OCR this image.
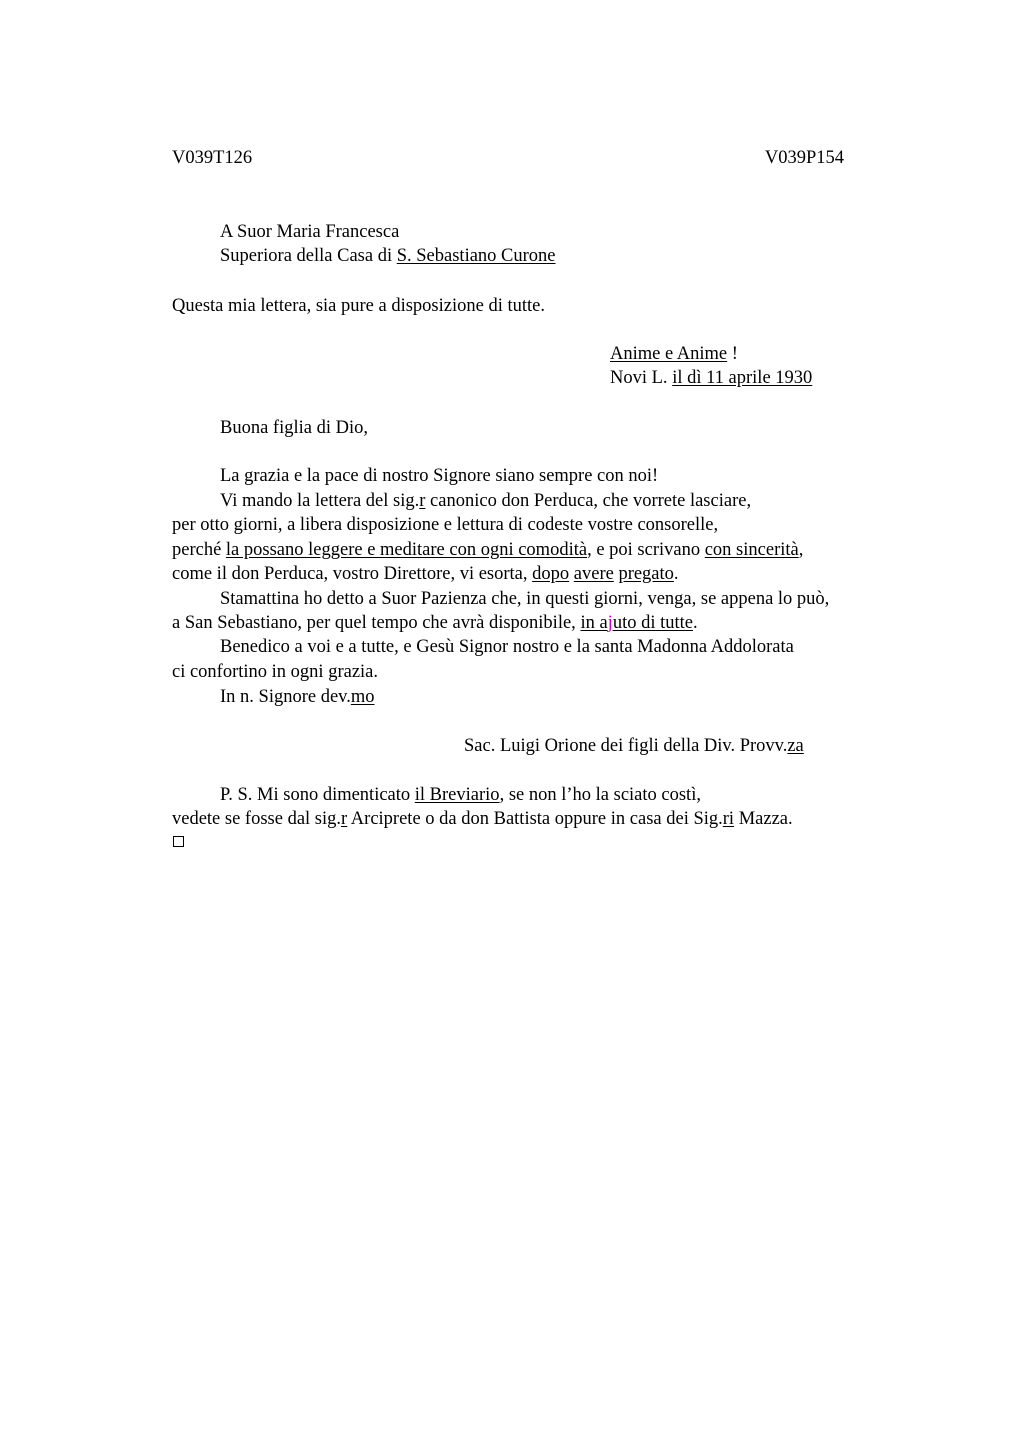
V039T126	V039P154
A Suor Maria Francesca
Superiora della Casa di S. Sebastiano Curone
Questa mia lettera, sia pure a disposizione di tutte.
Anime e Anime !
Novi L. il dì 11 aprile 1930
Buona figlia di Dio,
La grazia e la pace di nostro Signore siano sempre con noi!
Vi mando la lettera del sig.r canonico don Perduca, che vorrete lasciare,
per otto giorni, a libera disposizione e lettura di codeste vostre consorelle,
perché la possano leggere e meditare con ogni comodità, e poi scrivano con sincerità,
come il don Perduca, vostro Direttore, vi esorta, dopo avere pregato.
Stamattina ho detto a Suor Pazienza che, in questi giorni, venga, se appena lo può,
a San Sebastiano, per quel tempo che avrà disponibile, in ajuto di tutte.
Benedico a voi e a tutte, e Gesù Signor nostro e la santa Madonna Addolorata
ci confortino in ogni grazia.
In n. Signore dev.mo
Sac. Luigi Orione dei figli della Div. Provv.za
P. S. Mi sono dimenticato il Breviario, se non l’ho la sciato costì,
vedete se fosse dal sig.r Arciprete o da don Battista oppure in casa dei Sig.ri Mazza.
